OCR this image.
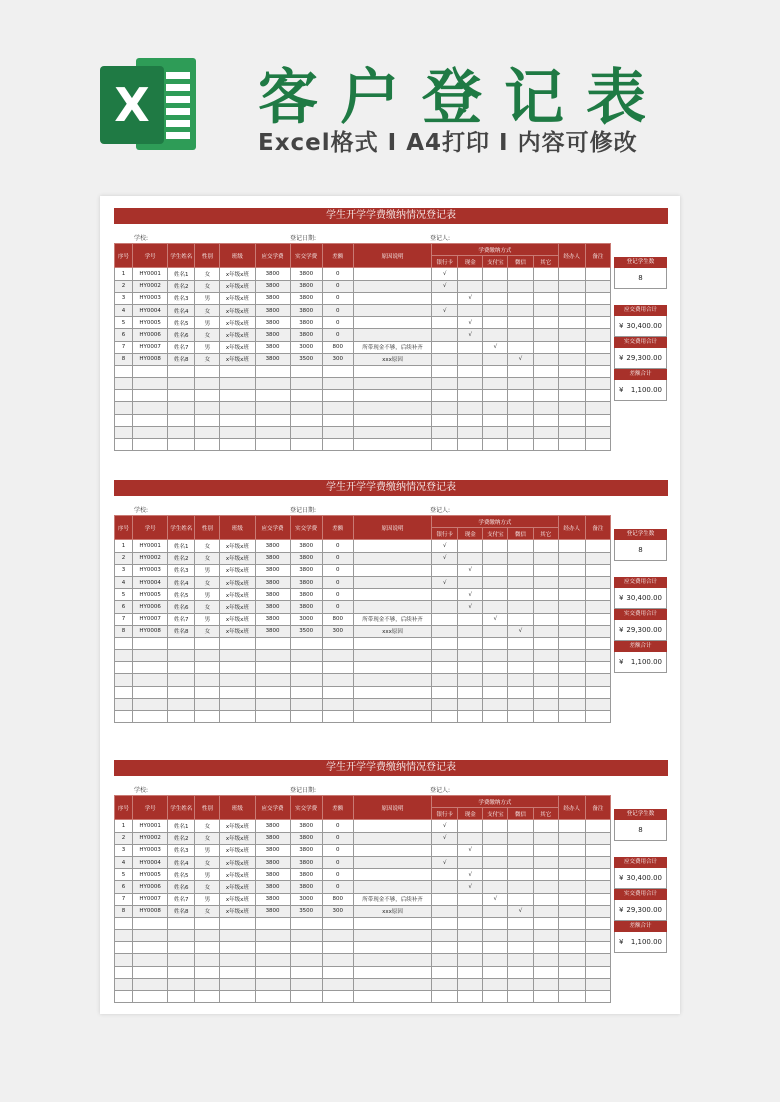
X 客户登记表
Excel格式 I A4打印 I 内容可修改
学生开学学费缴纳情况登记表
学校:	登记日期:	登记人:
序号	学号	学生姓名	性别	班级	应交学费	实交学费	差额	原因说明	学费缴纳方式					经办人	备注
									银行卡	现金	支付宝	微信	其它		
1	HY0001	姓名1	女	x年级x班	3800	3800	0		√						
2	HY0002	姓名2	女	x年级x班	3800	3800	0		√						
3	HY0003	姓名3	男	x年级x班	3800	3800	0			√					
4	HY0004	姓名4	女	x年级x班	3800	3800	0		√						
5	HY0005	姓名5	男	x年级x班	3800	3800	0			√					
6	HY0006	姓名6	女	x年级x班	3800	3800	0			√					
7	HY0007	姓名7	男	x年级x班	3800	3000	800	所带现金不够，后续补齐			√				
8	HY0008	姓名8	女	x年级x班	3800	3500	300	xxx原因				√			

登记学生数
8
应交费用合计
¥ 30,400.00
实交费用合计
¥ 29,300.00
差额合计
¥ 1,100.00
学生开学学费缴纳情况登记表
学校:	登记日期:	登记人:
序号	学号	学生姓名	性别	班级	应交学费	实交学费	差额	原因说明	学费缴纳方式					经办人	备注
									银行卡	现金	支付宝	微信	其它		
1	HY0001	姓名1	女	x年级x班	3800	3800	0		√						
2	HY0002	姓名2	女	x年级x班	3800	3800	0		√						
3	HY0003	姓名3	男	x年级x班	3800	3800	0			√					
4	HY0004	姓名4	女	x年级x班	3800	3800	0		√						
5	HY0005	姓名5	男	x年级x班	3800	3800	0			√					
6	HY0006	姓名6	女	x年级x班	3800	3800	0			√					
7	HY0007	姓名7	男	x年级x班	3800	3000	800	所带现金不够，后续补齐			√				
8	HY0008	姓名8	女	x年级x班	3800	3500	300	xxx原因				√			

登记学生数
8
应交费用合计
¥ 30,400.00
实交费用合计
¥ 29,300.00
差额合计
¥ 1,100.00
学生开学学费缴纳情况登记表
学校:	登记日期:	登记人:
序号	学号	学生姓名	性别	班级	应交学费	实交学费	差额	原因说明	学费缴纳方式					经办人	备注
									银行卡	现金	支付宝	微信	其它		
1	HY0001	姓名1	女	x年级x班	3800	3800	0		√						
2	HY0002	姓名2	女	x年级x班	3800	3800	0		√						
3	HY0003	姓名3	男	x年级x班	3800	3800	0			√					
4	HY0004	姓名4	女	x年级x班	3800	3800	0		√						
5	HY0005	姓名5	男	x年级x班	3800	3800	0			√					
6	HY0006	姓名6	女	x年级x班	3800	3800	0			√					
7	HY0007	姓名7	男	x年级x班	3800	3000	800	所带现金不够，后续补齐			√				
8	HY0008	姓名8	女	x年级x班	3800	3500	300	xxx原因				√			

登记学生数
8
应交费用合计
¥ 30,400.00
实交费用合计
¥ 29,300.00
差额合计
¥ 1,100.00
